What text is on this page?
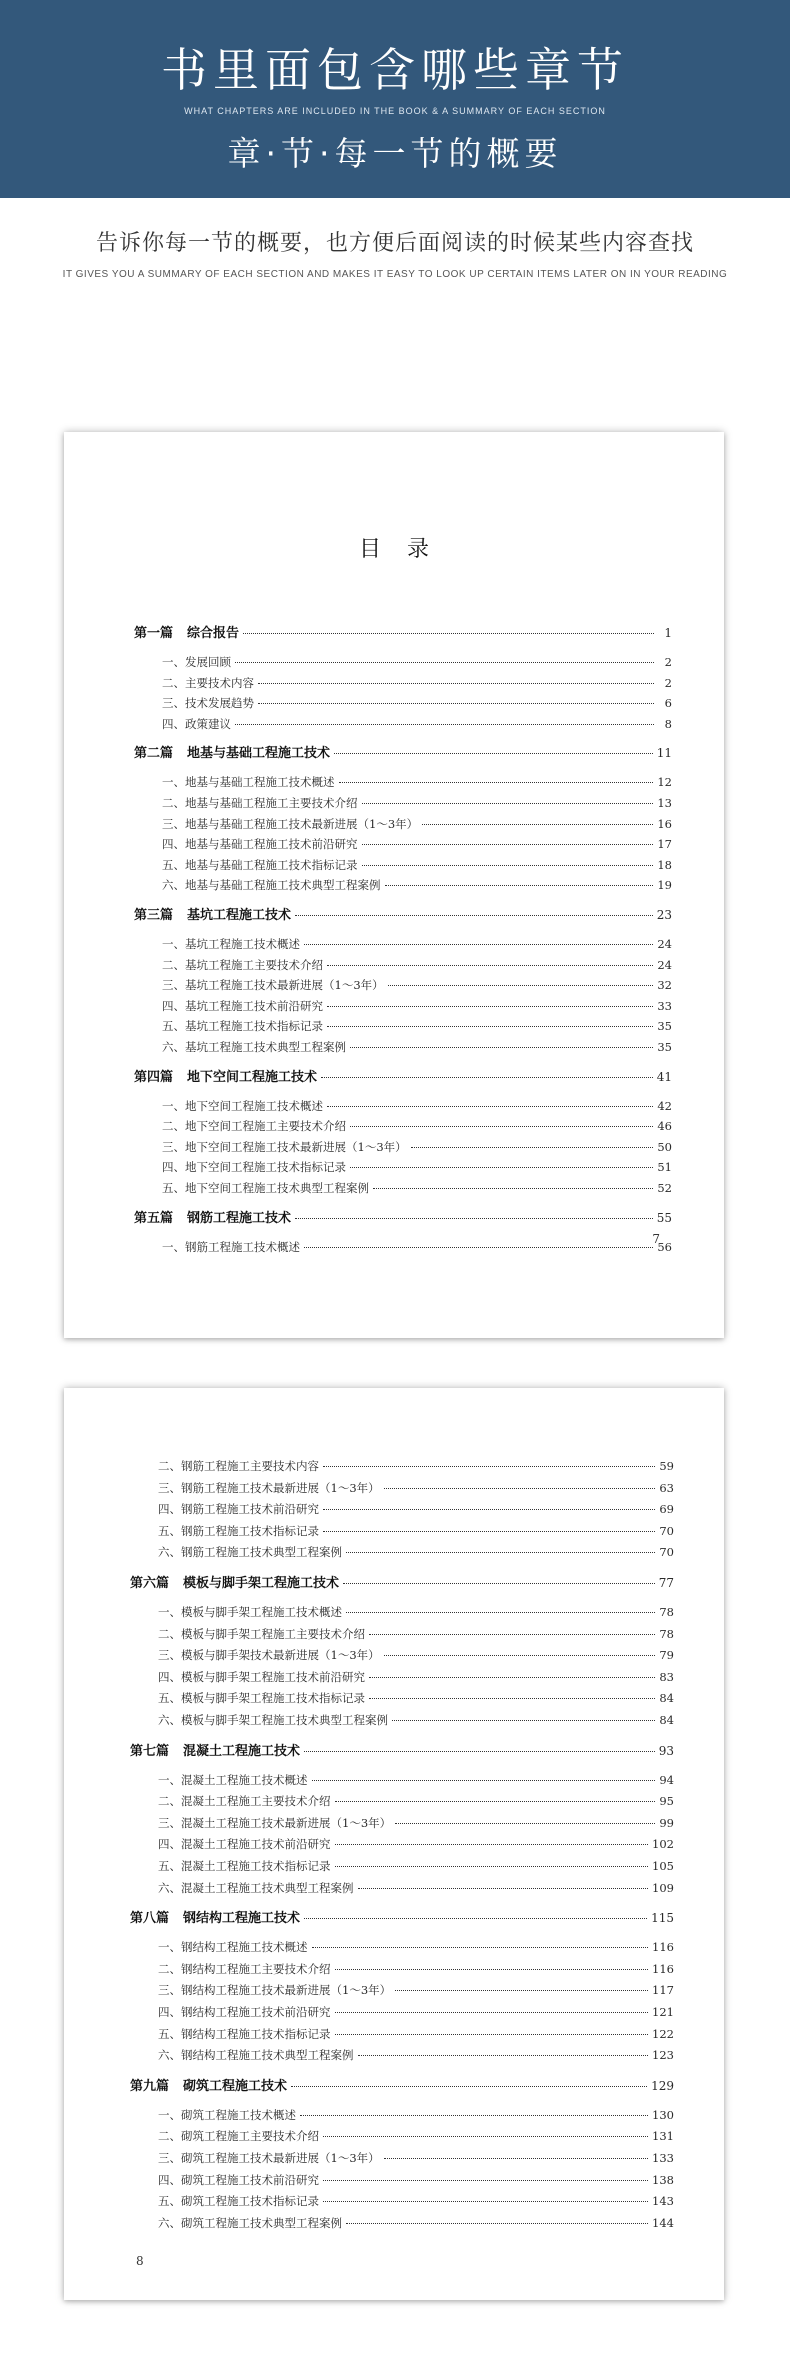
书里面包含哪些章节
WHAT CHAPTERS ARE INCLUDED IN THE BOOK & A SUMMARY OF EACH SECTION
章·节·每一节的概要
告诉你每一节的概要，也方便后面阅读的时候某些内容查找
IT GIVES YOU A SUMMARY OF EACH SECTION AND MAKES IT EASY TO LOOK UP CERTAIN ITEMS LATER ON IN YOUR READING
目录
第一篇 综合报告	1
一、发展回顾	2
二、主要技术内容	2
三、技术发展趋势	6
四、政策建议	8
第二篇 地基与基础工程施工技术	11
一、地基与基础工程施工技术概述	12
二、地基与基础工程施工主要技术介绍	13
三、地基与基础工程施工技术最新进展（1～3年）	16
四、地基与基础工程施工技术前沿研究	17
五、地基与基础工程施工技术指标记录	18
六、地基与基础工程施工技术典型工程案例	19
第三篇 基坑工程施工技术	23
一、基坑工程施工技术概述	24
二、基坑工程施工主要技术介绍	24
三、基坑工程施工技术最新进展（1～3年）	32
四、基坑工程施工技术前沿研究	33
五、基坑工程施工技术指标记录	35
六、基坑工程施工技术典型工程案例	35
第四篇 地下空间工程施工技术	41
一、地下空间工程施工技术概述	42
二、地下空间工程施工主要技术介绍	46
三、地下空间工程施工技术最新进展（1～3年）	50
四、地下空间工程施工技术指标记录	51
五、地下空间工程施工技术典型工程案例	52
第五篇 钢筋工程施工技术	55
一、钢筋工程施工技术概述	56
7
二、钢筋工程施工主要技术内容	59
三、钢筋工程施工技术最新进展（1～3年）	63
四、钢筋工程施工技术前沿研究	69
五、钢筋工程施工技术指标记录	70
六、钢筋工程施工技术典型工程案例	70
第六篇 模板与脚手架工程施工技术	77
一、模板与脚手架工程施工技术概述	78
二、模板与脚手架工程施工主要技术介绍	78
三、模板与脚手架技术最新进展（1～3年）	79
四、模板与脚手架工程施工技术前沿研究	83
五、模板与脚手架工程施工技术指标记录	84
六、模板与脚手架工程施工技术典型工程案例	84
第七篇 混凝土工程施工技术	93
一、混凝土工程施工技术概述	94
二、混凝土工程施工主要技术介绍	95
三、混凝土工程施工技术最新进展（1～3年）	99
四、混凝土工程施工技术前沿研究	102
五、混凝土工程施工技术指标记录	105
六、混凝土工程施工技术典型工程案例	109
第八篇 钢结构工程施工技术	115
一、钢结构工程施工技术概述	116
二、钢结构工程施工主要技术介绍	116
三、钢结构工程施工技术最新进展（1～3年）	117
四、钢结构工程施工技术前沿研究	121
五、钢结构工程施工技术指标记录	122
六、钢结构工程施工技术典型工程案例	123
第九篇 砌筑工程施工技术	129
一、砌筑工程施工技术概述	130
二、砌筑工程施工主要技术介绍	131
三、砌筑工程施工技术最新进展（1～3年）	133
四、砌筑工程施工技术前沿研究	138
五、砌筑工程施工技术指标记录	143
六、砌筑工程施工技术典型工程案例	144
8
